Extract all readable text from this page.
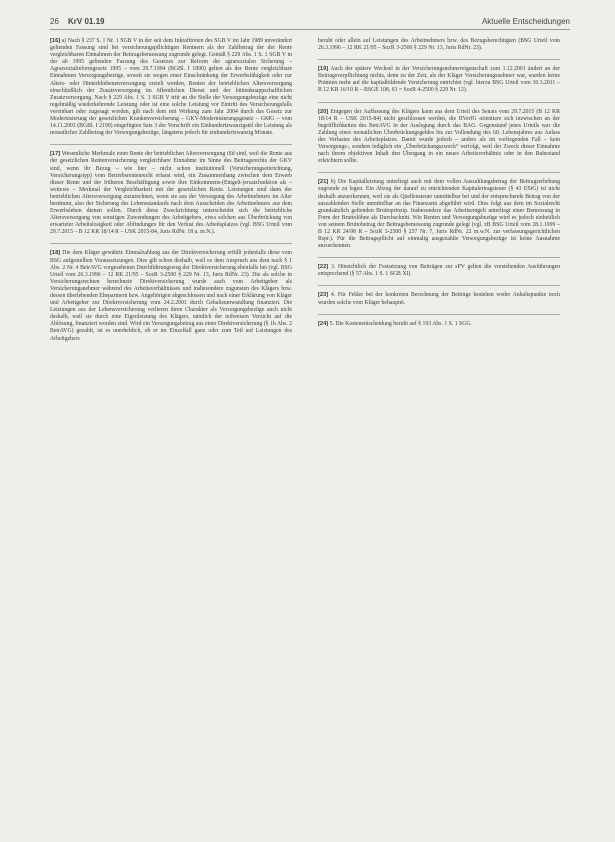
26 KrV 01.19	Aktuelle Entscheidungen

[16] a) Nach § 237 S. 1 Nr. 1 SGB V in der seit dem Inkrafttreten des SGB V im Jahr 1989 unverändert geltenden Fassung sind bei versicherungspflichtigen Rentnern als der Zahlbetrag der der Rente vergleichbaren Einnahmen der Beitragsbemessung zugrunde gelegt. Gemäß § 229 Abs. 1 S. 1 SGB V in der ab 1995 geltenden Fassung des Gesetzes zur Reform der agrarsozialen Sicherung – Agrarsozialreformgesetz 1995 – vom 29.7.1994 (BGBl. I 1890) gelten als der Rente vergleichbare Einnahmen Versorgungsbezüge, soweit sie wegen einer Einschränkung der Erwerbsfähigkeit oder zur Alters- oder Hinterbliebenenversorgung erzielt werden, Renten der betrieblichen Altersversorgung einschließlich der Zusatzversorgung im öffentlichen Dienst und der hüttenknappschaftlichen Zusatzversorgung. Nach § 229 Abs. 1 S. 3 SGB V tritt an die Stelle der Versorgungsbezüge eine nicht regelmäßig wiederkehrende Leistung oder ist eine solche Leistung vor Eintritt des Versicherungsfalls vereinbart oder zugesagt worden, gilt nach dem mit Wirkung zum Jahr 2004 durch das Gesetz zur Modernisierung der gesetzlichen Krankenversicherung – GKV-Modernisierungsgesetz – GMG – vom 14.11.2003 (BGBl. I 2190) eingefügten Satz 3 der Vorschrift ein Einhundertzwanzigstel der Leistung als monatlicher Zahlbetrag der Versorgungsbezüge, längstens jedoch für einhundertzwanzig Monate.

[17] Wesentliche Merkmale einer Rente der betrieblichen Altersversorgung iSd sind, weil die Rente aus der gesetzlichen Rentenversicherung vergleichbare Einnahme im Sinne des Beitragsrechts der GKV sind, wenn ihr Bezug – wie hier – nicht schon institutionell (Versicherungseinrichtung, Versicherungstyp) vom Betriebsrentenrecht erfasst wird, ein Zusammenhang zwischen dem Erwerb dieser Rente und der früheren Beschäftigung sowie ihre Einkommens-(Entgelt-)ersatzfunktion als – weiteres – Merkmal der Vergleichbarkeit mit der gesetzlichen Rente. Leistungen sind dann der betrieblichen Altersversorgung zuzurechnen, wenn sie aus der Versorgung des Arbeitnehmers im Alter bestimmt, also der Sicherung des Lebensstandards nach dem Ausscheiden des Arbeitnehmers aus dem Erwerbsleben dienen sollen. Durch diese Zweckrichtung unterscheidet sich die betriebliche Altersversorgung von sonstigen Zuwendungen des Arbeitgebers, etwa solchen aus Überbrückung von erwarteter Arbeitslosigkeit oder Abfindungen für den Verlust des Arbeitsplatzes (vgl. BSG Urteil vom 29.7.2015 – B 12 KR 18/14 R – USK 2015-84, Juris RdNr. 18 u. m.N.).

[18] Die dem Kläger gewährte Einmalzahlung aus der Direktversicherung erfüllt jedenfalls diese vom BSG aufgestellten Voraussetzungen. Dies gilt schon deshalb, weil es dem Anspruch aus dem nach § 1 Abs. 2 Nr. 4 BetrAVG vorgesehenen Durchführungsweg der Direktversicherung ebenfalls bei (vgl. BSG Urteil vom 26.3.1996 – 12 RK 21/95 – SozR 3-2500 § 229 Nr. 13, Juris RdNr. 23). Die als solche in Versicherungsrechten berechnete Direktversicherung wurde auch vom Arbeitgeber als Versicherungsnehmer während des Arbeitsverhältnisses und insbesondere zugunsten des Klägers bzw. dessen überlebenden Ehepartnern bzw. Angehörigen abgeschlossen und nach einer Erklärung von Kläger und Arbeitgeber zur Direktversicherung vom 24.2.2001 durch Gehaltsumwandlung finanziert. Die Leistungen aus der Lebensversicherung verlieren ihren Charakter als Versorgungsbezüge auch nicht deshalb, weil sie durch eine Eigenleistung des Klägers, nämlich der teilweisen Verzicht auf die Ablösung, finanziert worden sind. Wird ein Versorgungsbetrag aus einer Direktversicherung (§ 1b Abs. 2 BetrAVG) gezahlt, ist es unerheblich, ob er im Einzelfall ganz oder zum Teil auf Leistungen des Arbeitgebers

beruht oder allein auf Leistungen des Arbeitnehmers bzw. des Bezugsberechtigten (BSG Urteil vom 26.3.1996 – 12 RK 21/95 – SozR 3-2500 § 229 Nr. 13, Juris RdNr. 23).

[19] Auch der spätere Wechsel in der Versicherungsnehmereigenschaft zum 1.12.2001 ändert an der Beitragsverpflichtung nichts, denn zu der Zeit, als der Kläger Versicherungsnehmer war, wurden keine Prämien mehr auf die kapitalbildende Versicherung entrichtet (vgl. hierzu BSG Urteil vom 30.3.2011 – B 12 KR 16/10 R – BSGE 108, 63 = SozR 4-2500 § 229 Nr. 12).

[20] Entgegen der Auffassung des Klägers kann aus dem Urteil des Senats vom 29.7.2015 (B 12 KR 18/14 R – USK 2015-84) nicht geschlossen werden, die BVerfG orientiere sich inzwischen an der begrifflichkeiten des BetrAVG in der Auslegung durch das BAG. Gegenstand jenes Urteils war die Zahlung eines monatlichen Überbrückungsgeldes bis zur Vollendung des 60. Lebensjahres aus Anlass des Verlustes des Arbeitsplatzes. Damit wurde jedoch – anders als im vorliegenden Fall – kein Versorgungs-, sondern lediglich ein „Überbrückungszweck“ verfolgt, weil der Zweck dieser Einnahme nach ihrem objektiven Inhalt den Übergang in ein neues Arbeitsverhältnis oder in den Ruhestand erleichtern sollte.

[21] b) Die Kapitalleistung unterliegt auch mit dem vollen Auszahlungsbetrag der Beitragserhebung zugrunde zu legen. Ein Abzug der darauf zu entrichtenden Kapitalertragsteuer (§ 43 EStG) ist nicht deshalb anzuerkennen, weil sie als Quellensteuer unmittelbar bei und der entsprechende Betrag von der auszahlenden Stelle unmittelbar an das Finanzamt abgeführt wird. Dies folgt aus dem im Sozialrecht grundsätzlich geltenden Bruttoprinzip. Insbesondere das Arbeitsentgelt unterliegt einer Bemessung in Form der Bruttolöhne als Durchschnitt. Wie Renten und Versorgungsbezüge wird es jedoch einheitlich von seinem Bruttobetrag der Beitragsbemessung zugrunde gelegt (vgl. zB BSG Urteil vom 28.1.1999 – B 12 KR 24/98 R – SozR 3-2500 § 237 Nr. 7, Juris RdNr. 22 m.w.N. zur verfassungsgerichtlichen Rspr.). Für die Beitragspflicht auf einmalig ausgezahlte Versorgungsbezüge ist keine Ausnahme anzuerkennen.

[22] 3. Hinsichtlich der Festsetzung von Beiträgen zur sPV gelten die vorstehenden Ausführungen entsprechend (§ 57 Abs. 1 S. 1 SGB XI).

[23] 4. Für Fehler bei der konkreten Berechnung der Beiträge bestehen weder Anhaltspunkte noch wurden solche vom Kläger behauptet.

[24] 5. Die Kostenentscheidung beruht auf § 193 Abs. 1 S. 1 SGG.
